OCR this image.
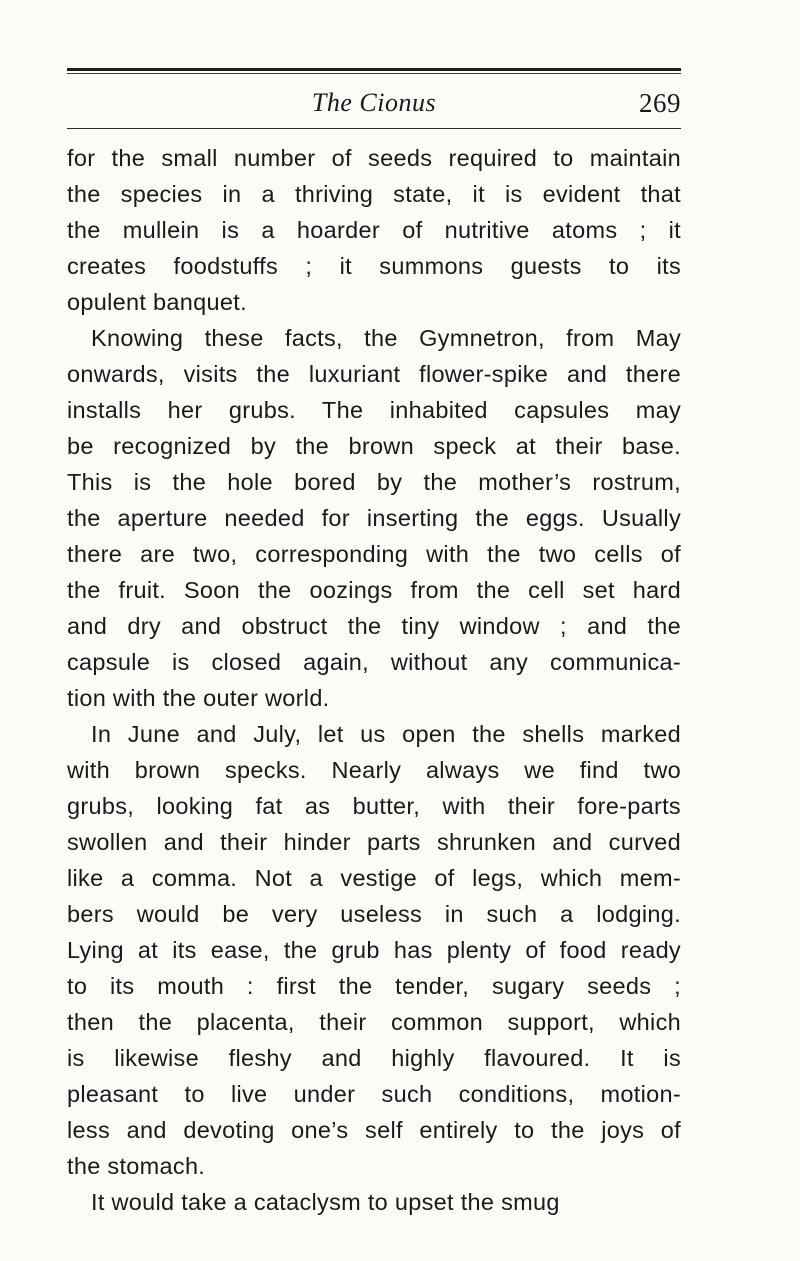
The Cionus	269
for the small number of seeds required to maintain
the species in a thriving state, it is evident that
the mullein is a hoarder of nutritive atoms ; it
creates foodstuffs ; it summons guests to its
opulent banquet.
Knowing these facts, the Gymnetron, from May
onwards, visits the luxuriant flower-spike and there
installs her grubs. The inhabited capsules may
be recognized by the brown speck at their base.
This is the hole bored by the mother’s rostrum,
the aperture needed for inserting the eggs. Usually
there are two, corresponding with the two cells of
the fruit. Soon the oozings from the cell set hard
and dry and obstruct the tiny window ; and the
capsule is closed again, without any communica-
tion with the outer world.
In June and July, let us open the shells marked
with brown specks. Nearly always we find two
grubs, looking fat as butter, with their fore-parts
swollen and their hinder parts shrunken and curved
like a comma. Not a vestige of legs, which mem-
bers would be very useless in such a lodging.
Lying at its ease, the grub has plenty of food ready
to its mouth : first the tender, sugary seeds ;
then the placenta, their common support, which
is likewise fleshy and highly flavoured. It is
pleasant to live under such conditions, motion-
less and devoting one’s self entirely to the joys of
the stomach.
It would take a cataclysm to upset the smug
